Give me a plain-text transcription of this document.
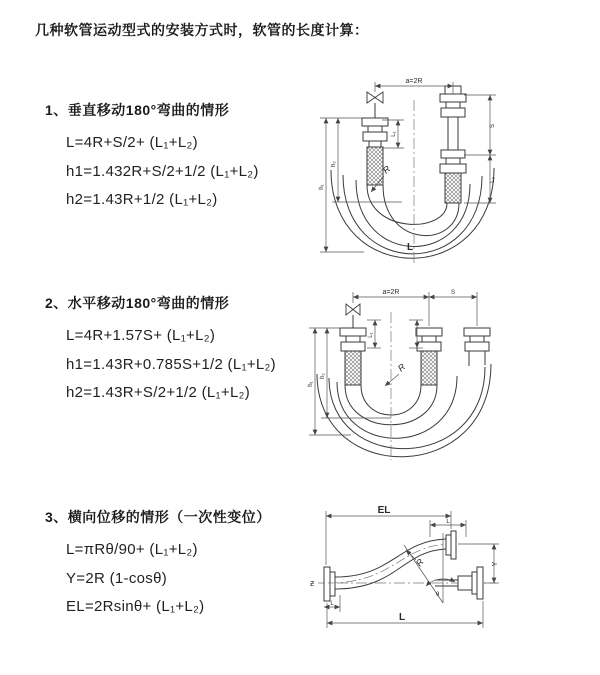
几种软管运动型式的安装方式时，软管的长度计算：
1、垂直移动180°弯曲的情形
L=4R+S/2+ (L₁+L₂)
h1=1.432R+S/2+1/2 (L₁+L₂)
h2=1.43R+1/2 (L₁+L₂)
2、水平移动180°弯曲的情形
L=4R+1.57S+ (L₁+L₂)
h1=1.43R+0.785S+1/2 (L₁+L₂)
h2=1.43R+S/2+1/2 (L₁+L₂)
3、横向位移的情形（一次性变位）
L=πRθ/90+ (L₁+L₂)
Y=2R (1-cosθ)
EL=2Rsinθ+ (L₁+L₂)
a=2R
h₁
h₂
L₁
S
L₂
R
L
a=2R	S
h₁
h₂
L₁
R
EL
L
Y
L
L
R
θ
Ƶ
